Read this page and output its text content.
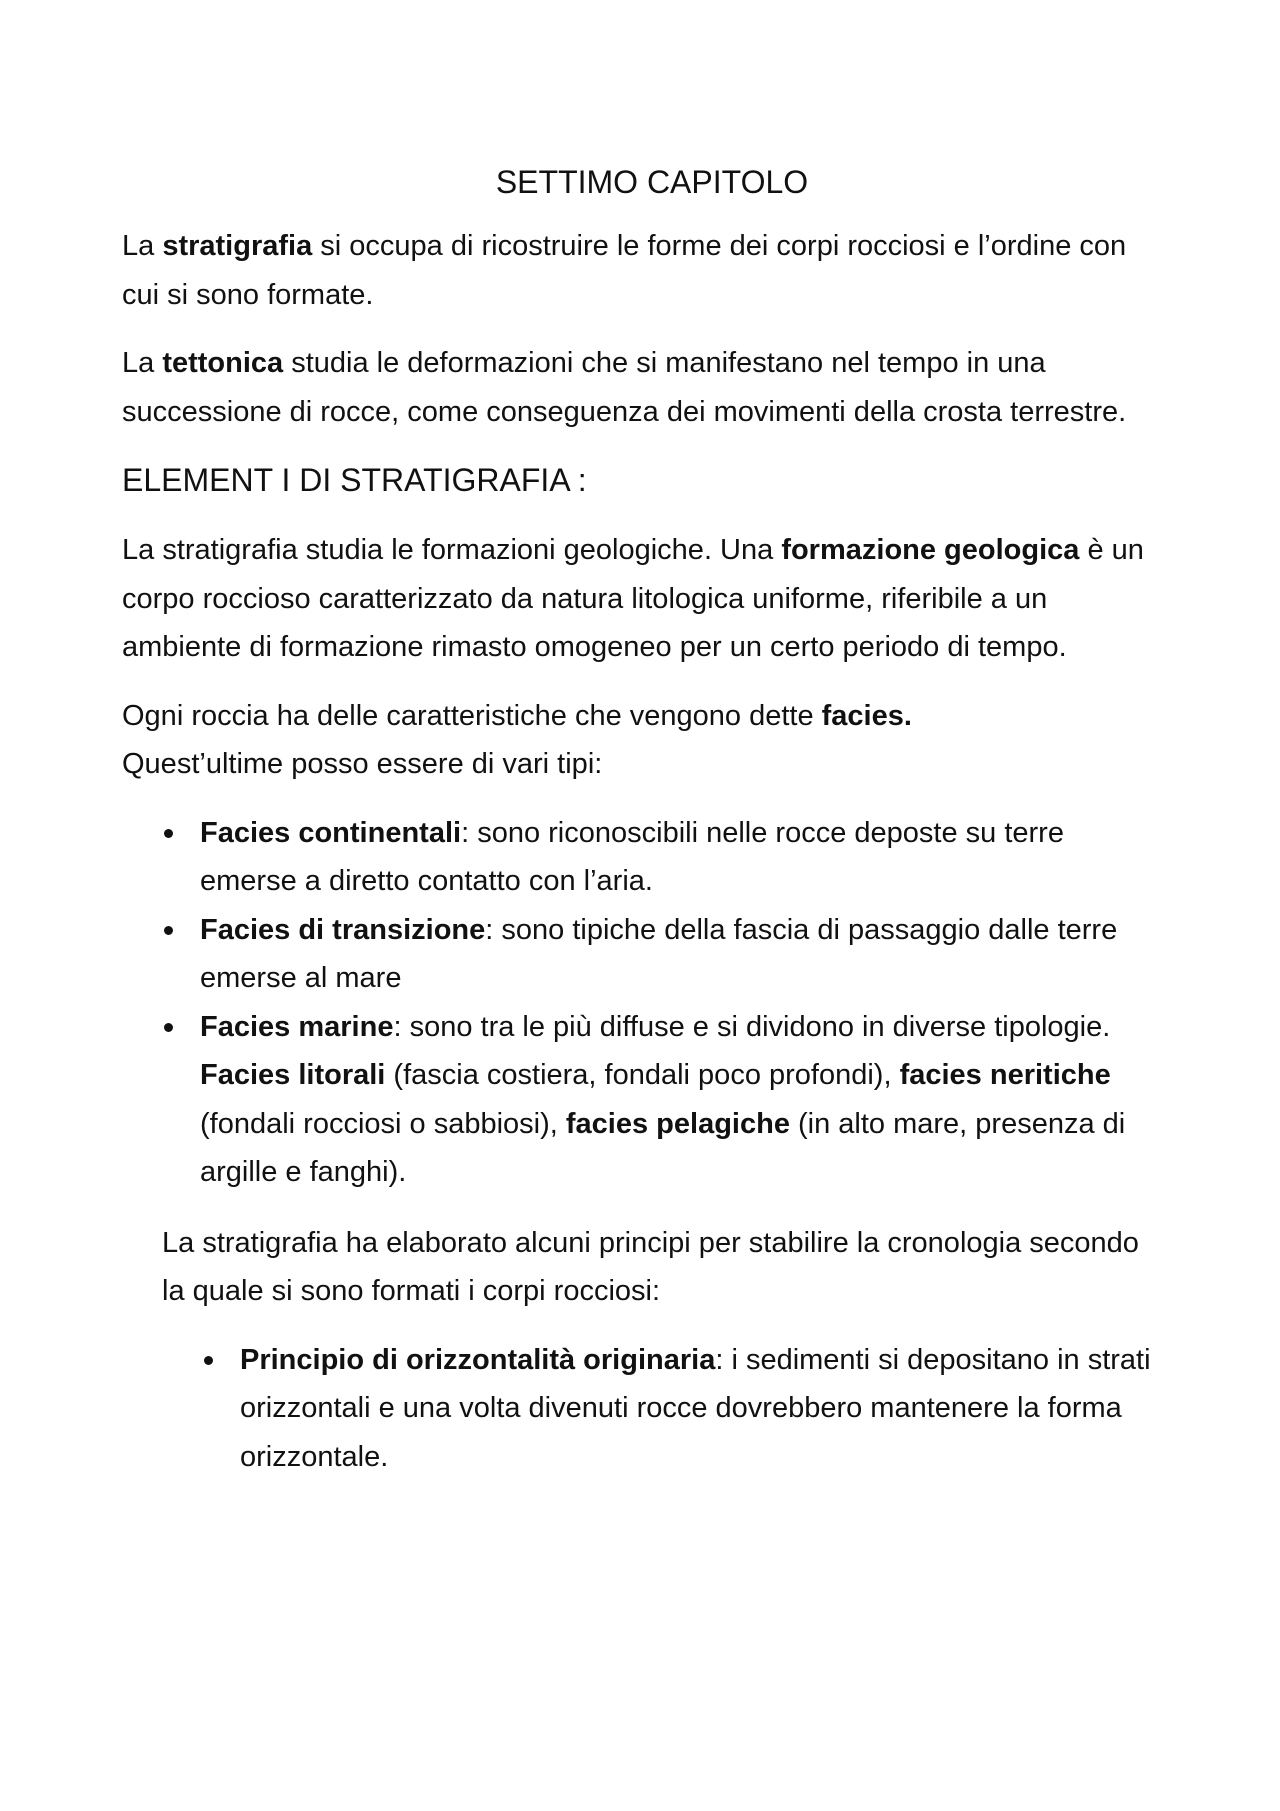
SETTIMO CAPITOLO

La stratigrafia si occupa di ricostruire le forme dei corpi rocciosi e l’ordine con cui si sono formate.

La tettonica studia le deformazioni che si manifestano nel tempo in una successione di rocce, come conseguenza dei movimenti della crosta terrestre.

ELEMENT I DI STRATIGRAFIA :

La stratigrafia studia le formazioni geologiche. Una formazione geologica è un corpo roccioso caratterizzato da natura litologica uniforme, riferibile a un ambiente di formazione rimasto omogeneo per un certo periodo di tempo.

Ogni roccia ha delle caratteristiche che vengono dette facies.
Quest’ultime posso essere di vari tipi:

Facies continentali: sono riconoscibili nelle rocce deposte su terre emerse a diretto contatto con l’aria.
Facies di transizione: sono tipiche della fascia di passaggio dalle terre emerse al mare
Facies marine: sono tra le più diffuse e si dividono in diverse tipologie. Facies litorali (fascia costiera, fondali poco profondi), facies neritiche (fondali rocciosi o sabbiosi), facies pelagiche (in alto mare, presenza di argille e fanghi).

La stratigrafia ha elaborato alcuni principi per stabilire la cronologia secondo la quale si sono formati i corpi rocciosi:

Principio di orizzontalità originaria: i sedimenti si depositano in strati orizzontali e una volta divenuti rocce dovrebbero mantenere la forma orizzontale.
